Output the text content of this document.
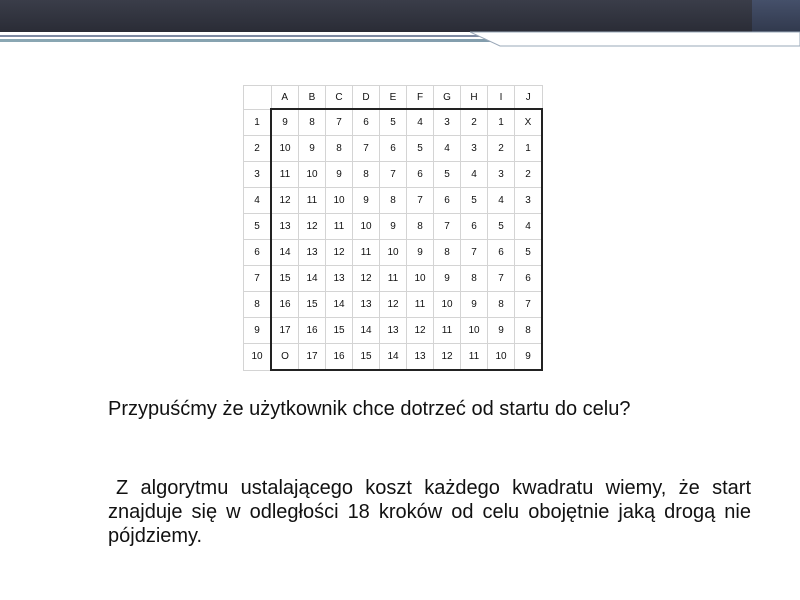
	A	B	C	D	E	F	G	H	I	J
1	9	8	7	6	5	4	3	2	1	X
2	10	9	8	7	6	5	4	3	2	1
3	11	10	9	8	7	6	5	4	3	2
4	12	11	10	9	8	7	6	5	4	3
5	13	12	11	10	9	8	7	6	5	4
6	14	13	12	11	10	9	8	7	6	5
7	15	14	13	12	11	10	9	8	7	6
8	16	15	14	13	12	11	10	9	8	7
9	17	16	15	14	13	12	11	10	9	8
10	O	17	16	15	14	13	12	11	10	9
Przypuśćmy że użytkownik chce dotrzeć od startu do celu?
Z algorytmu ustalającego koszt każdego kwadratu wiemy, że start znajduje się w odległości 18 kroków od celu obojętnie jaką drogą nie pójdziemy.
